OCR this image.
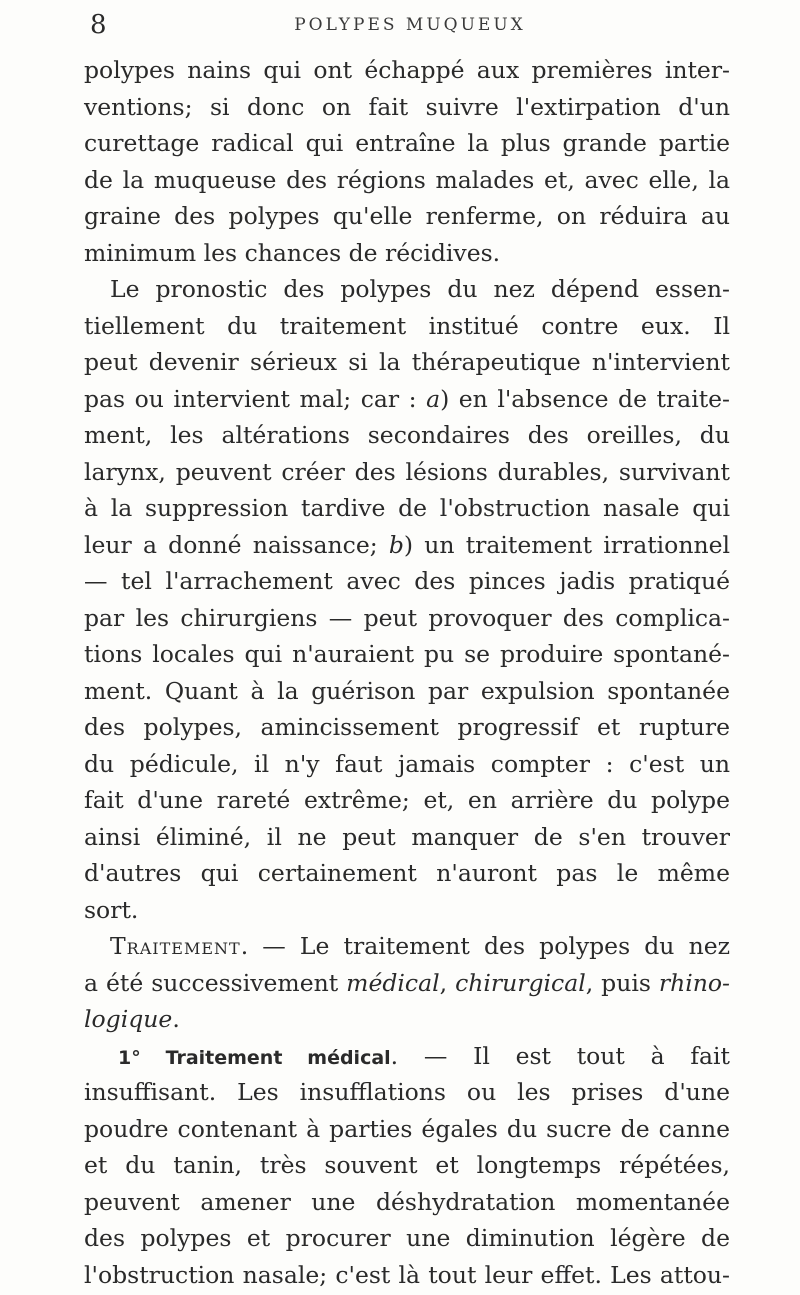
8	POLYPES MUQUEUX
polypes nains qui ont échappé aux premières inter-
ventions; si donc on fait suivre l'extirpation d'un
curettage radical qui entraîne la plus grande partie
de la muqueuse des régions malades et, avec elle, la
graine des polypes qu'elle renferme, on réduira au
minimum les chances de récidives.
Le pronostic des polypes du nez dépend essen-
tiellement du traitement institué contre eux. Il
peut devenir sérieux si la thérapeutique n'intervient
pas ou intervient mal; car : a) en l'absence de traite-
ment, les altérations secondaires des oreilles, du
larynx, peuvent créer des lésions durables, survivant
à la suppression tardive de l'obstruction nasale qui
leur a donné naissance; b) un traitement irrationnel
— tel l'arrachement avec des pinces jadis pratiqué
par les chirurgiens — peut provoquer des complica-
tions locales qui n'auraient pu se produire spontané-
ment. Quant à la guérison par expulsion spontanée
des polypes, amincissement progressif et rupture
du pédicule, il n'y faut jamais compter : c'est un
fait d'une rareté extrême; et, en arrière du polype
ainsi éliminé, il ne peut manquer de s'en trouver
d'autres qui certainement n'auront pas le même
sort.
Traitement. — Le traitement des polypes du nez
a été successivement médical, chirurgical, puis rhino-
logique.
1° Traitement médical. — Il est tout à fait
insuffisant. Les insufflations ou les prises d'une
poudre contenant à parties égales du sucre de canne
et du tanin, très souvent et longtemps répétées,
peuvent amener une déshydratation momentanée
des polypes et procurer une diminution légère de
l'obstruction nasale; c'est là tout leur effet. Les attou-
